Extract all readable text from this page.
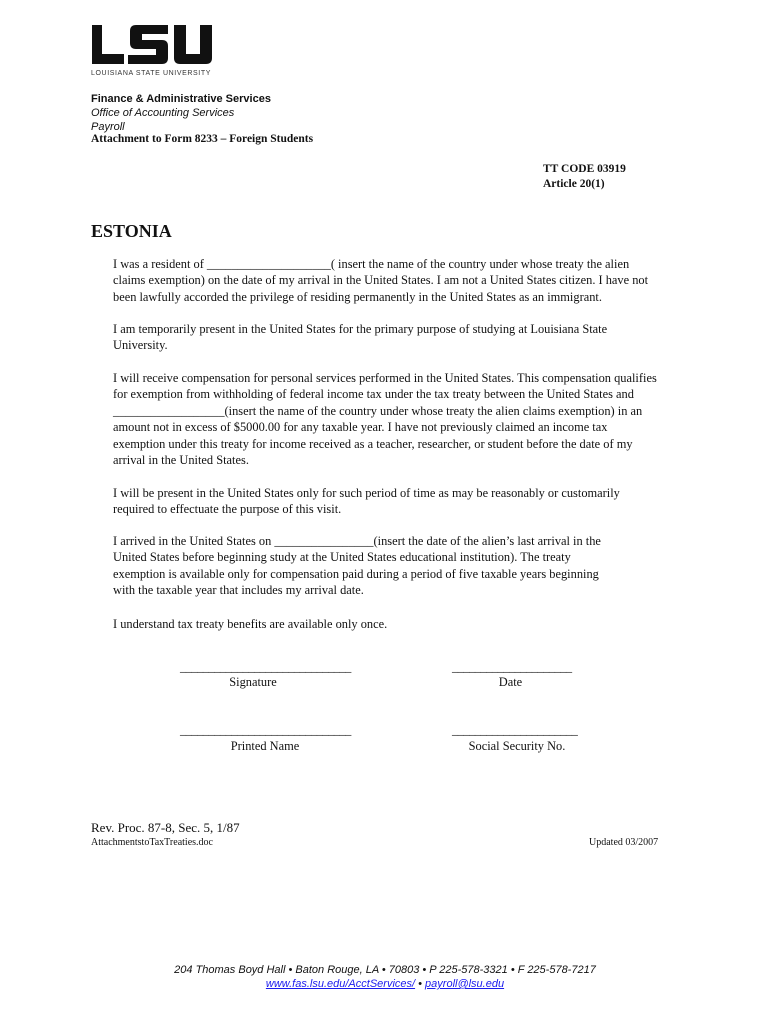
LOUISIANA STATE UNIVERSITY
Finance & Administrative Services
Office of Accounting Services
Payroll
Attachment to Form 8233 – Foreign Students
TT CODE 03919
Article 20(1)
ESTONIA
I was a resident of ____________________( insert the name of the country under whose treaty the alien
claims exemption) on the date of my arrival in the United States. I am not a United States citizen. I have not
been lawfully accorded the privilege of residing permanently in the United States as an immigrant.
I am temporarily present in the United States for the primary purpose of studying at Louisiana State
University.
I will receive compensation for personal services performed in the United States. This compensation qualifies
for exemption from withholding of federal income tax under the tax treaty between the United States and
__________________(insert the name of the country under whose treaty the alien claims exemption) in an
amount not in excess of $5000.00 for any taxable year. I have not previously claimed an income tax
exemption under this treaty for income received as a teacher, researcher, or student before the date of my
arrival in the United States.
I will be present in the United States only for such period of time as may be reasonably or customarily
required to effectuate the purpose of this visit.
I arrived in the United States on ________________(insert the date of the alien’s last arrival in the
United States before beginning study at the United States educational institution). The treaty
exemption is available only for compensation paid during a period of five taxable years beginning
with the taxable year that includes my arrival date.
I understand tax treaty benefits are available only once.
______________________________	_____________________
Signature	Date
______________________________	______________________
Printed Name	Social Security No.
Rev. Proc. 87-8, Sec. 5, 1/87
AttachmentstoTaxTreaties.doc	Updated 03/2007
204 Thomas Boyd Hall • Baton Rouge, LA • 70803 • P 225-578-3321 • F 225-578-7217
www.fas.lsu.edu/AcctServices/ • payroll@lsu.edu
